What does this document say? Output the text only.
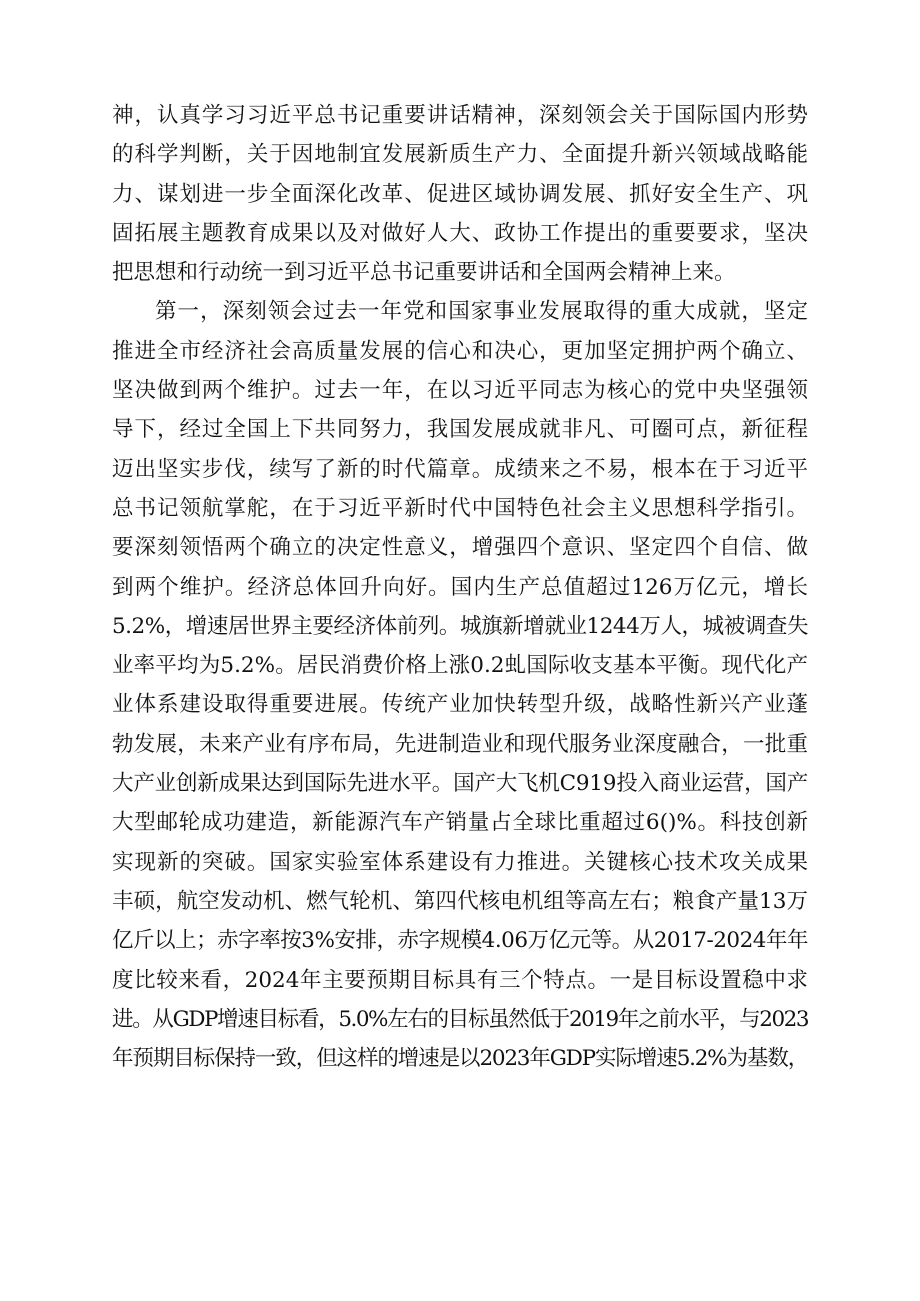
神，认真学习习近平总书记重要讲话精神，深刻领会关于国际国内形势
的科学判断，关于因地制宜发展新质生产力、全面提升新兴领域战略能
力、谋划进一步全面深化改革、促进区域协调发展、抓好安全生产、巩
固拓展主题教育成果以及对做好人大、政协工作提出的重要要求，坚决
把思想和行动统一到习近平总书记重要讲话和全国两会精神上来。
第一，深刻领会过去一年党和国家事业发展取得的重大成就，坚定
推进全市经济社会高质量发展的信心和决心，更加坚定拥护两个确立、
坚决做到两个维护。过去一年，在以习近平同志为核心的党中央坚强领
导下，经过全国上下共同努力，我国发展成就非凡、可圈可点，新征程
迈出坚实步伐，续写了新的时代篇章。成绩来之不易，根本在于习近平
总书记领航掌舵，在于习近平新时代中国特色社会主义思想科学指引。
要深刻领悟两个确立的决定性意义，增强四个意识、坚定四个自信、做
到两个维护。经济总体回升向好。国内生产总值超过126万亿元，增长
5.2%，增速居世界主要经济体前列。城旗新增就业1244万人，城被调查失
业率平均为5.2%。居民消费价格上涨0.2虬国际收支基本平衡。现代化产
业体系建设取得重要进展。传统产业加快转型升级，战略性新兴产业蓬
勃发展，未来产业有序布局，先进制造业和现代服务业深度融合，一批重
大产业创新成果达到国际先进水平。国产大飞机C919投入商业运营，国产
大型邮轮成功建造，新能源汽车产销量占全球比重超过6()%。科技创新
实现新的突破。国家实验室体系建设有力推进。关键核心技术攻关成果
丰硕，航空发动机、燃气轮机、第四代核电机组等高左右；粮食产量13万
亿斤以上；赤字率按3%安排，赤字规模4.06万亿元等。从2017-2024年年
度比较来看，2024年主要预期目标具有三个特点。一是目标设置稳中求
进。从GDP增速目标看，5.0%左右的目标虽然低于2019年之前水平，与2023
年预期目标保持一致，但这样的增速是以2023年GDP实际增速5.2%为基数，
